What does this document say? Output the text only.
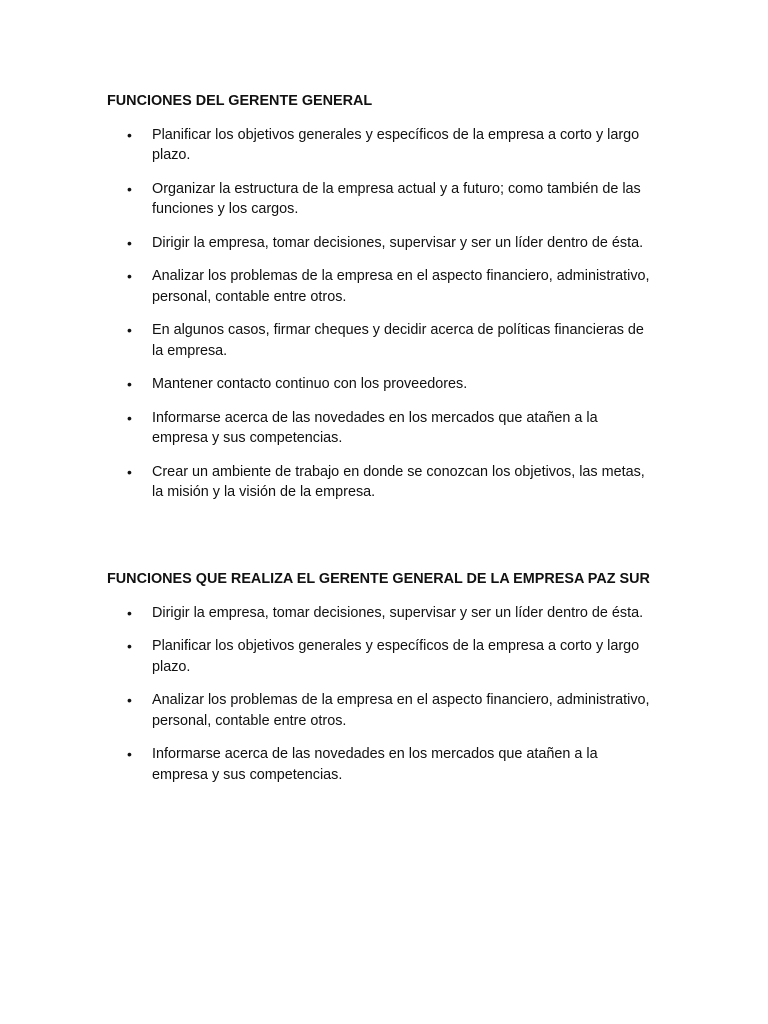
FUNCIONES DEL GERENTE GENERAL
• Planificar los objetivos generales y específicos de la empresa a corto y largo plazo.
• Organizar la estructura de la empresa actual y a futuro; como también de las funciones y los cargos.
• Dirigir la empresa, tomar decisiones, supervisar y ser un líder dentro de ésta.
• Analizar los problemas de la empresa en el aspecto financiero, administrativo, personal, contable entre otros.
• En algunos casos, firmar cheques y decidir acerca de políticas financieras de la empresa.
• Mantener contacto continuo con los proveedores.
• Informarse acerca de las novedades en los mercados que atañen a la empresa y sus competencias.
• Crear un ambiente de trabajo en donde se conozcan los objetivos, las metas, la misión y la visión de la empresa.
FUNCIONES QUE REALIZA EL GERENTE GENERAL DE LA EMPRESA PAZ SUR
• Dirigir la empresa, tomar decisiones, supervisar y ser un líder dentro de ésta.
• Planificar los objetivos generales y específicos de la empresa a corto y largo plazo.
• Analizar los problemas de la empresa en el aspecto financiero, administrativo, personal, contable entre otros.
• Informarse acerca de las novedades en los mercados que atañen a la empresa y sus competencias.
